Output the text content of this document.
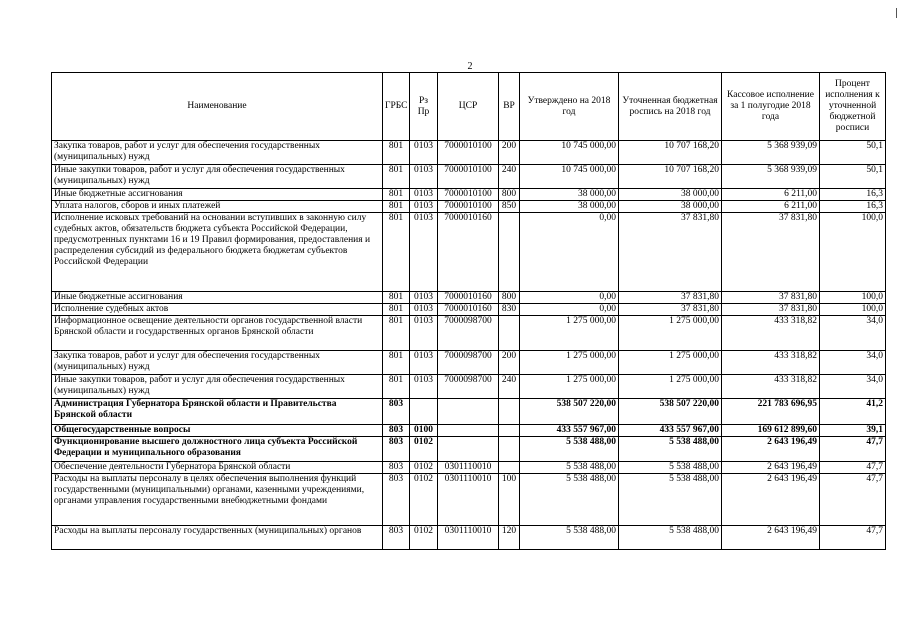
2
Наименование	ГРБС	Рз Пр	ЦСР	ВР	Утверждено на 2018 год	Уточненная бюджетная роспись на 2018 год	Кассовое исполнение за 1 полугодие 2018 года	Процент исполнения к уточненной бюджетной росписи
Закупка товаров, работ и услуг для обеспечения государственных (муниципальных) нужд	801	0103	7000010100	200	10 745 000,00	10 707 168,20	5 368 939,09	50,1
Иные закупки товаров, работ и услуг для обеспечения государственных (муниципальных) нужд	801	0103	7000010100	240	10 745 000,00	10 707 168,20	5 368 939,09	50,1
Иные бюджетные ассигнования	801	0103	7000010100	800	38 000,00	38 000,00	6 211,00	16,3
Уплата налогов, сборов и иных платежей	801	0103	7000010100	850	38 000,00	38 000,00	6 211,00	16,3
Исполнение исковых требований на основании вступивших в законную силу судебных актов, обязательств бюджета субъекта Российской Федерации, предусмотренных пунктами 16 и 19 Правил формирования, предоставления и распределения субсидий из федерального бюджета бюджетам субъектов Российской Федерации	801	0103	7000010160		0,00	37 831,80	37 831,80	100,0
Иные бюджетные ассигнования	801	0103	7000010160	800	0,00	37 831,80	37 831,80	100,0
Исполнение судебных актов	801	0103	7000010160	830	0,00	37 831,80	37 831,80	100,0
Информационное освещение деятельности органов государственной власти Брянской области и государственных органов Брянской области	801	0103	7000098700		1 275 000,00	1 275 000,00	433 318,82	34,0
Закупка товаров, работ и услуг для обеспечения государственных (муниципальных) нужд	801	0103	7000098700	200	1 275 000,00	1 275 000,00	433 318,82	34,0
Иные закупки товаров, работ и услуг для обеспечения государственных (муниципальных) нужд	801	0103	7000098700	240	1 275 000,00	1 275 000,00	433 318,82	34,0
Администрация Губернатора Брянской области и Правительства Брянской области	803				538 507 220,00	538 507 220,00	221 783 696,95	41,2
Общегосударственные вопросы	803	0100			433 557 967,00	433 557 967,00	169 612 899,60	39,1
Функционирование высшего должностного лица субъекта Российской Федерации и муниципального образования	803	0102			5 538 488,00	5 538 488,00	2 643 196,49	47,7
Обеспечение деятельности Губернатора Брянской области	803	0102	0301110010		5 538 488,00	5 538 488,00	2 643 196,49	47,7
Расходы на выплаты персоналу в целях обеспечения выполнения функций государственными (муниципальными) органами, казенными учреждениями, органами управления государственными внебюджетными фондами	803	0102	0301110010	100	5 538 488,00	5 538 488,00	2 643 196,49	47,7
Расходы на выплаты персоналу государственных (муниципальных) органов	803	0102	0301110010	120	5 538 488,00	5 538 488,00	2 643 196,49	47,7
